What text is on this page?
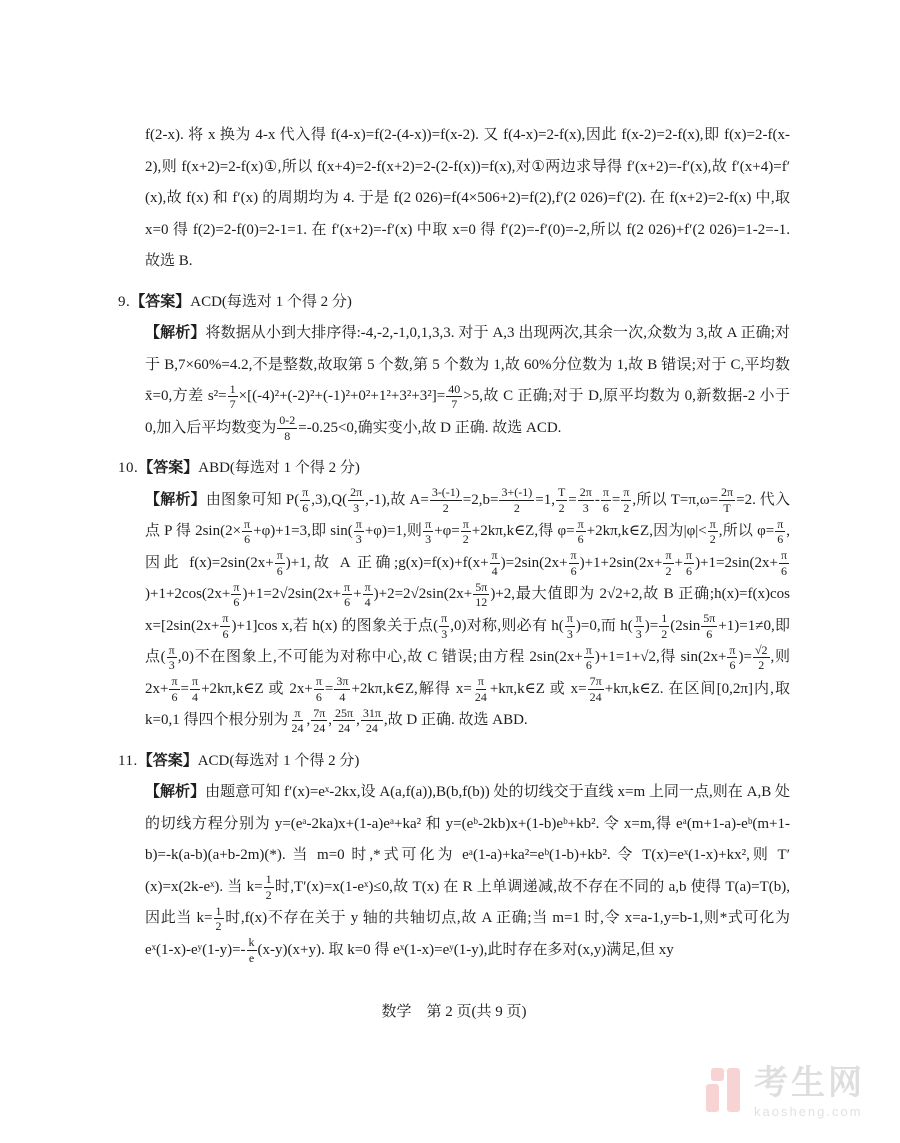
f(2-x). 将 x 换为 4-x 代入得 f(4-x)=f(2-(4-x))=f(x-2). 又 f(4-x)=2-f(x),因此 f(x-2)=2-f(x),即 f(x)=2-f(x-2),则 f(x+2)=2-f(x)①,所以 f(x+4)=2-f(x+2)=2-(2-f(x))=f(x),对①两边求导得 f′(x+2)=-f′(x),故 f′(x+4)=f′(x),故 f(x) 和 f′(x) 的周期均为 4. 于是 f(2 026)=f(4×506+2)=f(2),f′(2 026)=f′(2). 在 f(x+2)=2-f(x) 中,取 x=0 得 f(2)=2-f(0)=2-1=1. 在 f′(x+2)=-f′(x) 中取 x=0 得 f′(2)=-f′(0)=-2,所以 f(2 026)+f′(2 026)=1-2=-1. 故选 B.

9.【答案】ACD(每选对 1 个得 2 分)

【解析】将数据从小到大排序得:-4,-2,-1,0,1,3,3. 对于 A,3 出现两次,其余一次,众数为 3,故 A 正确;对于 B,7×60%=4.2,不是整数,故取第 5 个数,第 5 个数为 1,故 60%分位数为 1,故 B 错误;对于 C,平均数 x̄=0,方差 $s^2= \frac{1}{7} \times[(-4)^2+(-2)^2+(-1)^2+0^2+1^2+3^2+3^2]= \frac{40}{7} >5$,故 C 正确;对于 D,原平均数为 0,新数据-2 小于 0,加入后平均数变为 $\frac{0-2}{8} =-0.25<0$,确实变小,故 D 正确. 故选 ACD.

10.【答案】ABD(每选对 1 个得 2 分)

【解析】由图象可知 $P( \frac{\pi}{6} ,3),Q( \frac{2\pi}{3} ,-1)$,故 $A= \frac{3-(-1)}{2} =2,b= \frac{3+(-1)}{2} =1$, $\frac{T}{2} = \frac{2\pi}{3} - \frac{\pi}{6} = \frac{\pi}{2}$ ,所以 $T=\pi,\omega= \frac{2\pi}{T} =2$. 代入点 P 得 $2\sin(2\times \frac{\pi}{6} +\varphi)+1=3$,即 $\sin( \frac{\pi}{3} +\varphi)=1$,则 $\frac{\pi}{3} +\varphi= \frac{\pi}{2}$ +2kπ,k∈Z,得 $\varphi= \frac{\pi}{6}$ +2kπ,k∈Z,因为$|\varphi|< \frac{\pi}{2}$ ,所以 $\varphi= \frac{\pi}{6}$ ,因此 $f(x)=2\sin(2x+ \frac{\pi}{6} )+1$,故 A 正确;g(x)=f(x)+f(x+ $\frac{\pi}{4} )=2\sin(2x+ \frac{\pi}{6} )+1+2\sin(2x+ \frac{\pi}{2} + \frac{\pi}{6} )+1=2\sin(2x+ \frac{\pi}{6}$
)$+1+2\cos(2x+ \frac{\pi}{6} )+1=2√2\sin(2x+ \frac{\pi}{6} + \frac{\pi}{4} )+2=2√2\sin(2x+ \frac{5\pi}{12} )+2$,最大值即为 2√2+2,故 B 正确;h(x)=f(x)cos $x=[2\sin(2x+ \frac{\pi}{6} )+1]\cos$ x,若 h(x) 的图象关于点( $\frac{\pi}{3} ,0$)对称,则必有 $h( \frac{\pi}{3} )=0$,而 $h( \frac{\pi}{3}$ )= $\frac{1}{2} (2\sin \frac{5\pi}{6} +1)=1\ne 0$,即点( $\frac{\pi}{3} ,0$)不在图象上,不可能为对称中心,故 C 错误;由方程 $2\sin(2x+ \frac{\pi}{6} )+1=1+√2$,得 $\sin(2x+ \frac{\pi}{6}$ )= $\frac{√2}{2}$ ,则 $2x+ \frac{\pi}{6} = \frac{\pi}{4}$ +2kπ,k∈Z 或 $2x+ \frac{\pi}{6} = \frac{3\pi}{4}$ +2kπ,k∈Z,解得 $x= \frac{\pi}{24}$ +kπ,k∈Z 或 $x= \frac{7\pi}{24}$ +kπ,k∈Z. 在区间[0,2π]内,取 k=0,1 得四个根分别为 $\frac{\pi}{24}$ , $\frac{7\pi}{24}$ , $\frac{25\pi}{24}$ , $\frac{31\pi}{24}$ ,故 D 正确. 故选 ABD.

11.【答案】ACD(每选对 1 个得 2 分)

【解析】由题意可知 f′(x)=eˣ-2kx,设 A(a,f(a)),B(b,f(b)) 处的切线交于直线 x=m 上同一点,则在 A,B 处的切线方程分别为 y=(eᵃ-2ka)x+(1-a)eᵃ+ka² 和 y=(eᵇ-2kb)x+(1-b)eᵇ+kb². 令 x=m,得 eᵃ(m+1-a)-eᵇ(m+1-b)=-k(a-b)(a+b-2m)(*). 当 m=0 时,*式可化为 eᵃ(1-a)+ka²=eᵇ(1-b)+kb². 令 T(x)=eˣ(1-x)+kx²,则 T′(x)=x(2k-eˣ). 当 $k= \frac{1}{2}$ 时,T′(x)=x(1-eˣ)≤0,故 T(x) 在 R 上单调递减,故不存在不同的 a,b 使得 T(a)=T(b),因此当 $k= \frac{1}{2}$ 时,f(x)不存在关于 y 轴的共轴切点,故 A 正确;当 m=1 时,令 x=a-1,y=b-1,则*式可化为 eˣ(1-x)-eʸ(1-y)=- $\frac{k}{e} (x-y)(x+y)$. 取 k=0 得 eˣ(1-x)=eʸ(1-y),此时存在多对(x,y)满足,但 xy

数学　第 2 页(共 9 页)
考生网
kaosheng.com
